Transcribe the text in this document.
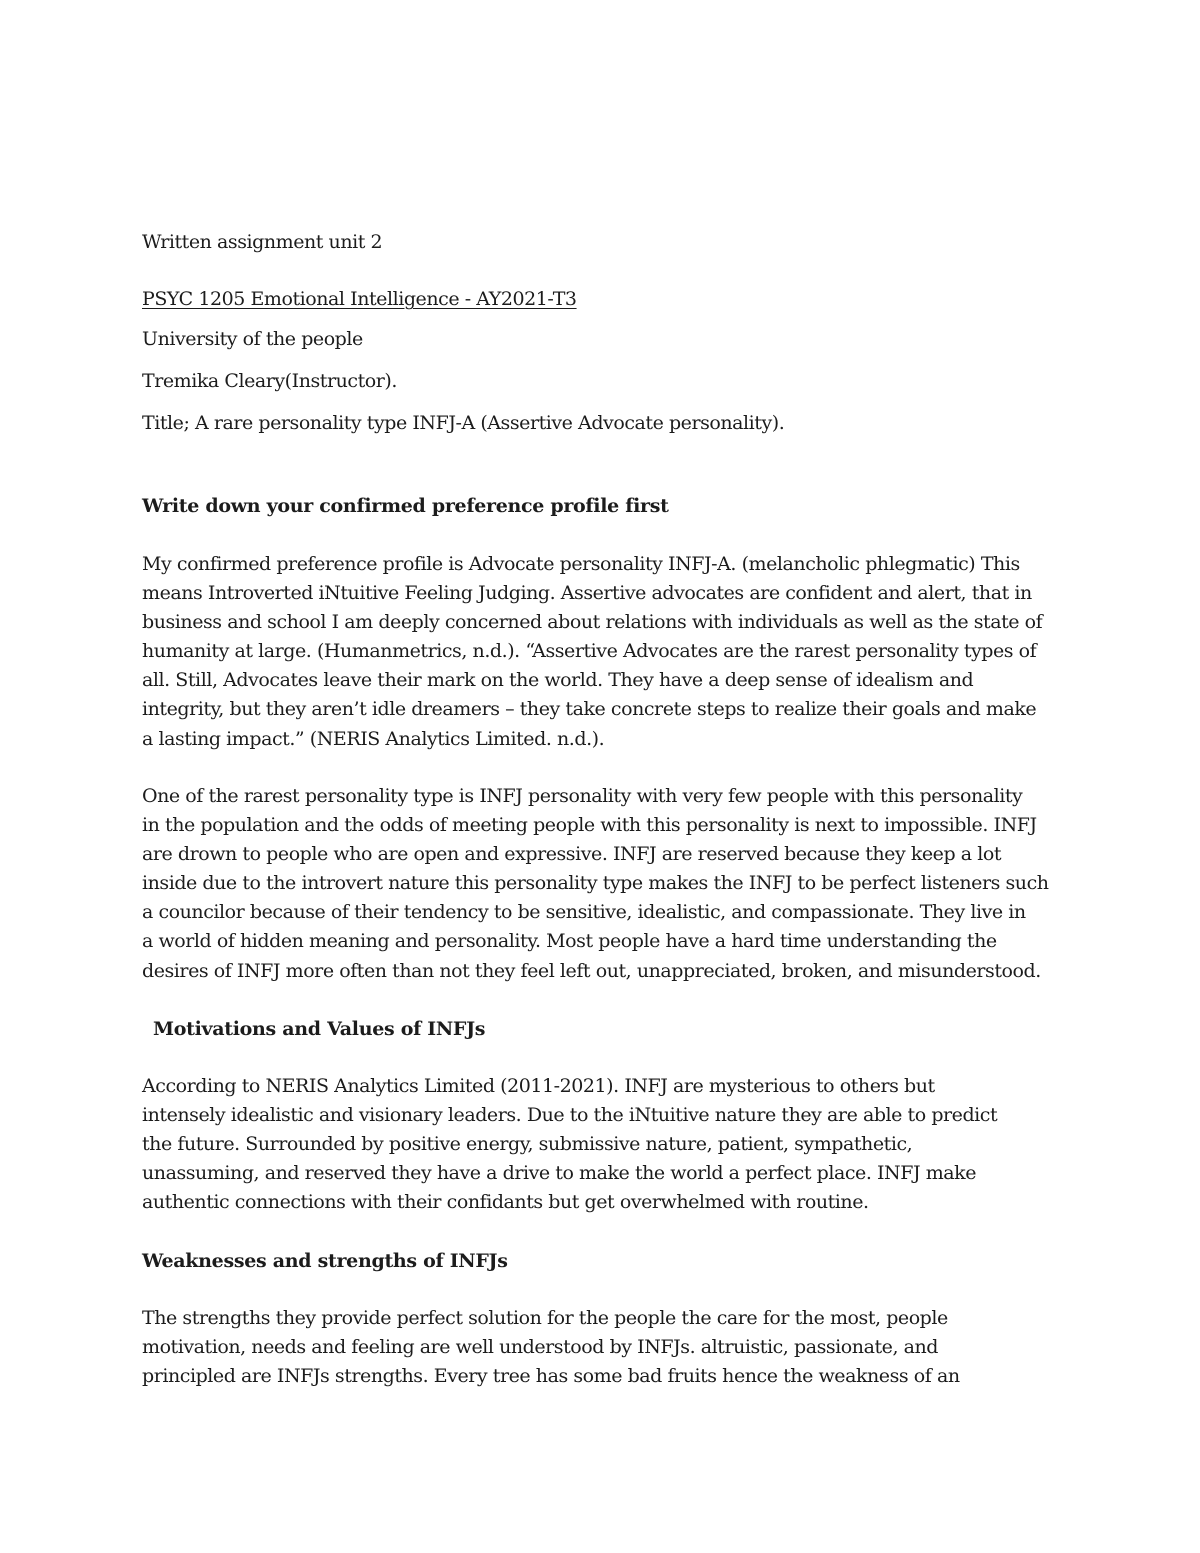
Written assignment unit 2

PSYC 1205 Emotional Intelligence - AY2021-T3

University of the people

Tremika Cleary(Instructor).

Title; A rare personality type INFJ-A (Assertive Advocate personality).

Write down your confirmed preference profile first

My confirmed preference profile is Advocate personality INFJ-A. (melancholic phlegmatic) This

means Introverted iNtuitive Feeling Judging. Assertive advocates are confident and alert, that in

business and school I am deeply concerned about relations with individuals as well as the state of

humanity at large. (Humanmetrics, n.d.). “Assertive Advocates are the rarest personality types of

all. Still, Advocates leave their mark on the world. They have a deep sense of idealism and

integrity, but they aren’t idle dreamers – they take concrete steps to realize their goals and make

a lasting impact.” (NERIS Analytics Limited. n.d.).

One of the rarest personality type is INFJ personality with very few people with this personality

in the population and the odds of meeting people with this personality is next to impossible. INFJ

are drown to people who are open and expressive. INFJ are reserved because they keep a lot

inside due to the introvert nature this personality type makes the INFJ to be perfect listeners such

a councilor because of their tendency to be sensitive, idealistic, and compassionate. They live in

a world of hidden meaning and personality. Most people have a hard time understanding the

desires of INFJ more often than not they feel left out, unappreciated, broken, and misunderstood.

Motivations and Values of INFJs

According to NERIS Analytics Limited (2011-2021). INFJ are mysterious to others but

intensely idealistic and visionary leaders. Due to the iNtuitive nature they are able to predict

the future. Surrounded by positive energy, submissive nature, patient, sympathetic,

unassuming, and reserved they have a drive to make the world a perfect place. INFJ make

authentic connections with their confidants but get overwhelmed with routine.

Weaknesses and strengths of INFJs

The strengths they provide perfect solution for the people the care for the most, people

motivation, needs and feeling are well understood by INFJs. altruistic, passionate, and

principled are INFJs strengths. Every tree has some bad fruits hence the weakness of an
